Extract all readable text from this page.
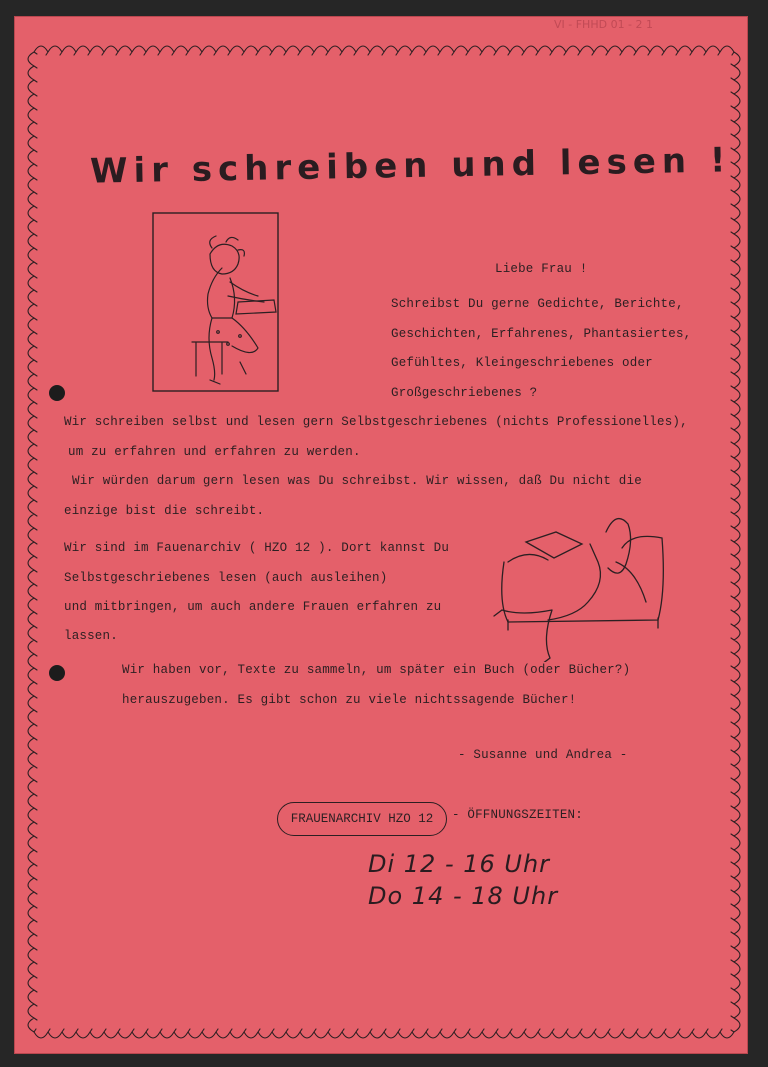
VI - FHHD 01 - 2 1
Wir schreiben und lesen !
Liebe Frau !
Schreibst Du gerne Gedichte, Berichte,
Geschichten, Erfahrenes, Phantasiertes,
Gefühltes, Kleingeschriebenes oder
Großgeschriebenes ?
Wir schreiben selbst und lesen gern Selbstgeschriebenes (nichts Professionelles),
um zu erfahren und erfahren zu werden.
Wir würden darum gern lesen was Du schreibst. Wir wissen, daß Du nicht die
einzige bist die schreibt.
Wir sind im Fauenarchiv ( HZO 12 ). Dort kannst Du
Selbstgeschriebenes lesen (auch ausleihen)
und mitbringen, um auch andere Frauen erfahren zu
lassen.
Wir haben vor, Texte zu sammeln, um später ein Buch (oder Bücher?)
herauszugeben. Es gibt schon zu viele nichtssagende Bücher!
- Susanne und Andrea -
FRAUENARCHIV HZO 12	- ÖFFNUNGSZEITEN:
Di 12 - 16 Uhr
Do 14 - 18 Uhr
